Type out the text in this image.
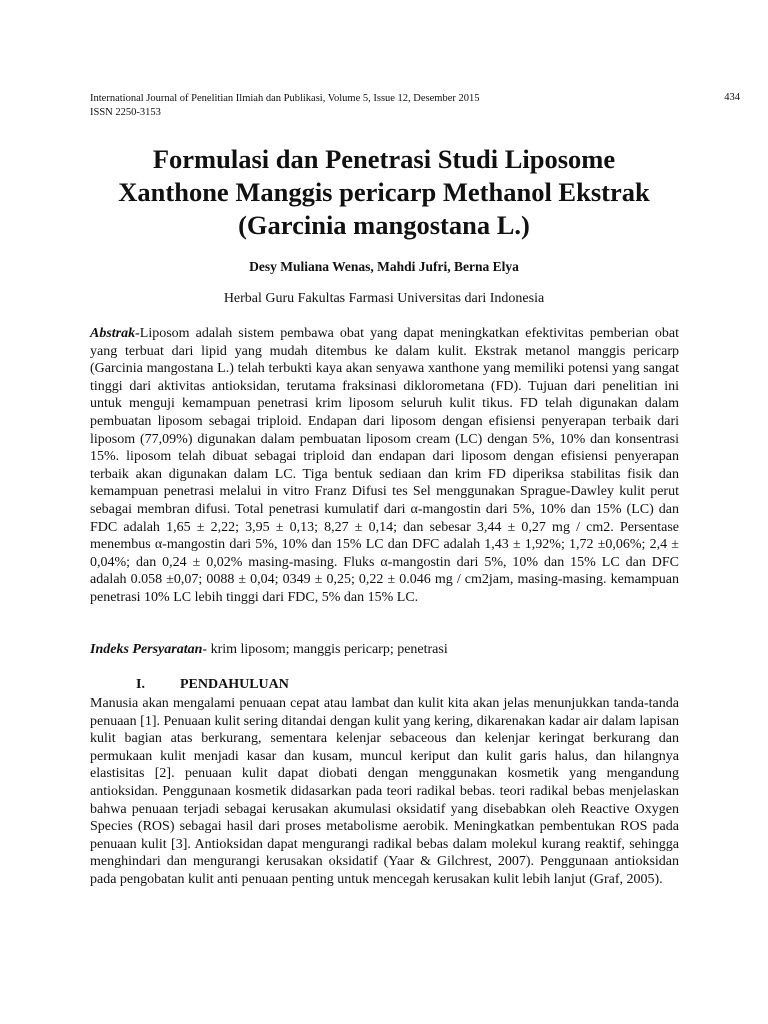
International Journal of Penelitian Ilmiah dan Publikasi, Volume 5, Issue 12, Desember 2015
ISSN 2250-3153
434
Formulasi dan Penetrasi Studi Liposome
Xanthone Manggis pericarp Methanol Ekstrak
(Garcinia mangostana L.)
Desy Muliana Wenas, Mahdi Jufri, Berna Elya
Herbal Guru Fakultas Farmasi Universitas dari Indonesia

Abstrak-Liposom adalah sistem pembawa obat yang dapat meningkatkan efektivitas pemberian obat yang terbuat dari lipid yang mudah ditembus ke dalam kulit. Ekstrak metanol manggis pericarp (Garcinia mangostana L.) telah terbukti kaya akan senyawa xanthone yang memiliki potensi yang sangat tinggi dari aktivitas antioksidan, terutama fraksinasi diklorometana (FD). Tujuan dari penelitian ini untuk menguji kemampuan penetrasi krim liposom seluruh kulit tikus. FD telah digunakan dalam pembuatan liposom sebagai triploid. Endapan dari liposom dengan efisiensi penyerapan terbaik dari liposom (77,09%) digunakan dalam pembuatan liposom cream (LC) dengan 5%, 10% dan konsentrasi 15%. liposom telah dibuat sebagai triploid dan endapan dari liposom dengan efisiensi penyerapan terbaik akan digunakan dalam LC. Tiga bentuk sediaan dan krim FD diperiksa stabilitas fisik dan kemampuan penetrasi melalui in vitro Franz Difusi tes Sel menggunakan Sprague-Dawley kulit perut sebagai membran difusi. Total penetrasi kumulatif dari α-mangostin dari 5%, 10% dan 15% (LC) dan FDC adalah 1,65 ± 2,22; 3,95 ± 0,13; 8,27 ± 0,14; dan sebesar 3,44 ± 0,27 mg / cm2. Persentase menembus α-mangostin dari 5%, 10% dan 15% LC dan DFC adalah 1,43 ± 1,92%; 1,72 ±0,06%; 2,4 ± 0,04%; dan 0,24 ± 0,02% masing-masing. Fluks α-mangostin dari 5%, 10% dan 15% LC dan DFC adalah 0.058 ±0,07; 0088 ± 0,04; 0349 ± 0,25; 0,22 ± 0.046 mg / cm2jam, masing-masing. kemampuan penetrasi 10% LC lebih tinggi dari FDC, 5% dan 15% LC.

Indeks Persyaratan- krim liposom; manggis pericarp; penetrasi

I.	PENDAHULUAN

Manusia akan mengalami penuaan cepat atau lambat dan kulit kita akan jelas menunjukkan tanda-tanda penuaan [1]. Penuaan kulit sering ditandai dengan kulit yang kering, dikarenakan kadar air dalam lapisan kulit bagian atas berkurang, sementara kelenjar sebaceous dan kelenjar keringat berkurang dan permukaan kulit menjadi kasar dan kusam, muncul keriput dan kulit garis halus, dan hilangnya elastisitas [2]. penuaan kulit dapat diobati dengan menggunakan kosmetik yang mengandung antioksidan. Penggunaan kosmetik didasarkan pada teori radikal bebas. teori radikal bebas menjelaskan bahwa penuaan terjadi sebagai kerusakan akumulasi oksidatif yang disebabkan oleh Reactive Oxygen Species (ROS) sebagai hasil dari proses metabolisme aerobik. Meningkatkan pembentukan ROS pada penuaan kulit [3]. Antioksidan dapat mengurangi radikal bebas dalam molekul kurang reaktif, sehingga menghindari dan mengurangi kerusakan oksidatif (Yaar & Gilchrest, 2007). Penggunaan antioksidan pada pengobatan kulit anti penuaan penting untuk mencegah kerusakan kulit lebih lanjut (Graf, 2005).
